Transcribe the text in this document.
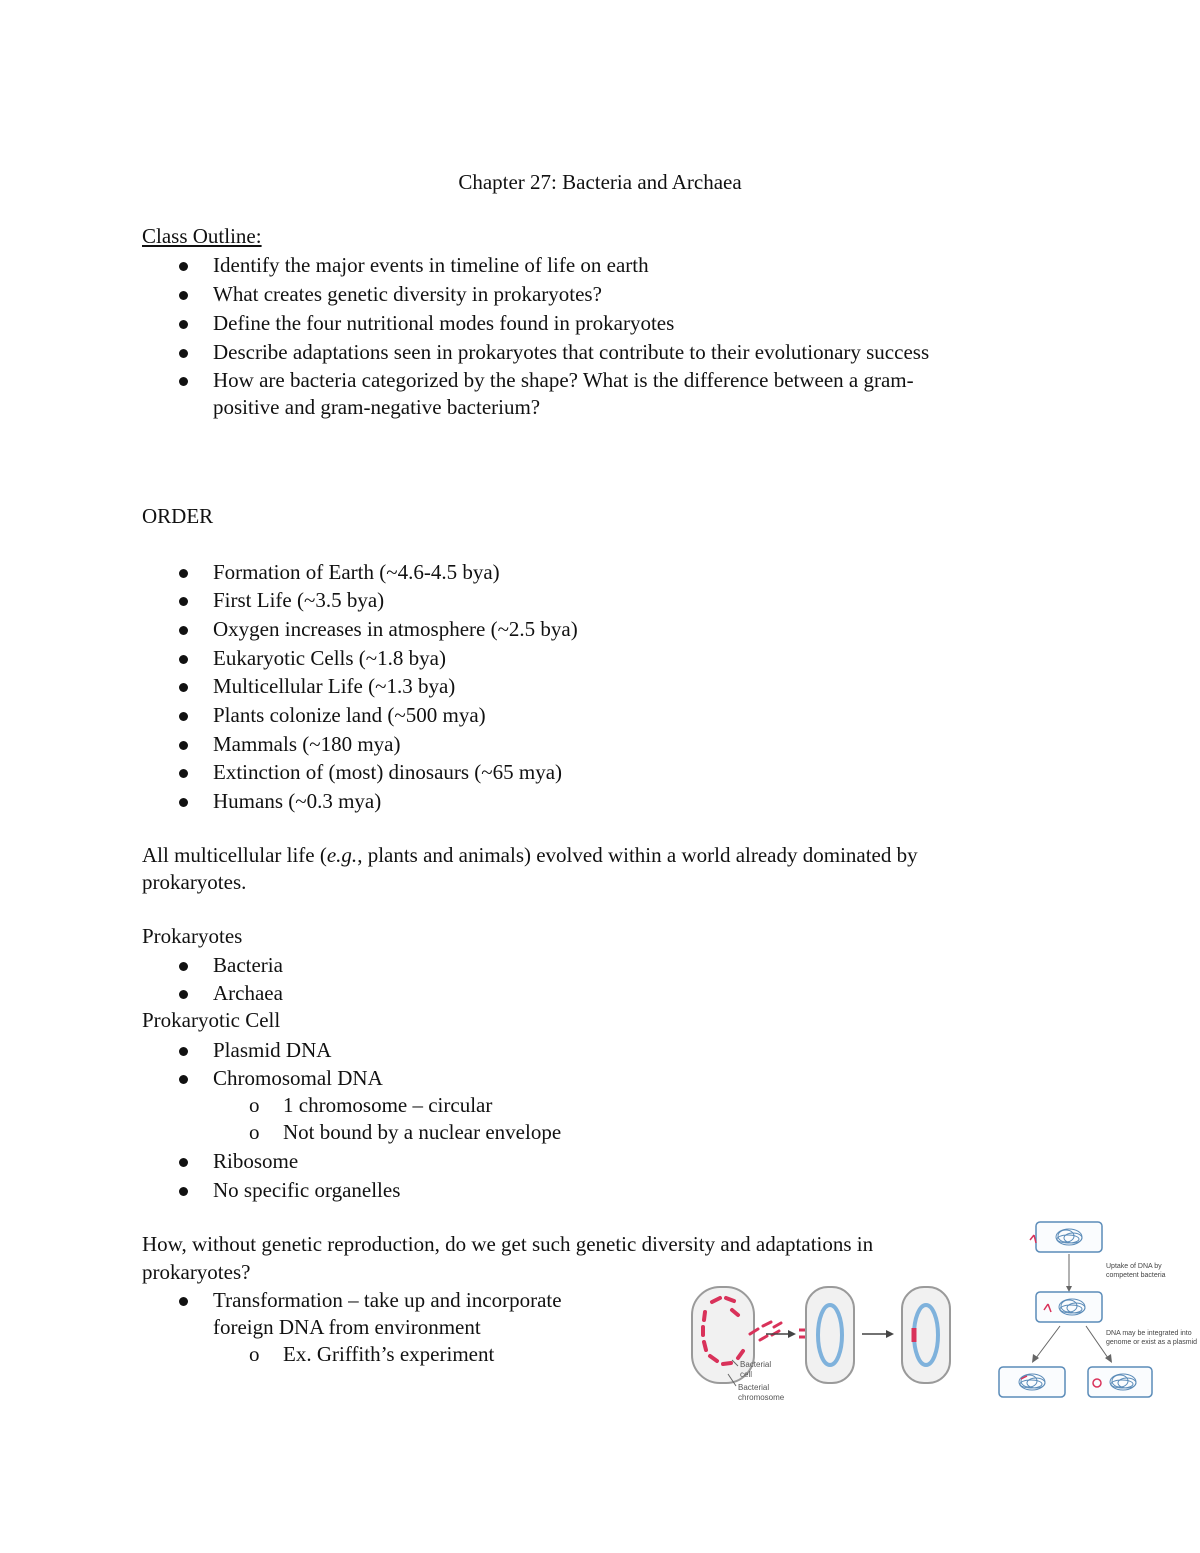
Chapter 27: Bacteria and Archaea
Class Outline:
Identify the major events in timeline of life on earth
What creates genetic diversity in prokaryotes?
Define the four nutritional modes found in prokaryotes
Describe adaptations seen in prokaryotes that contribute to their evolutionary success
How are bacteria categorized by the shape? What is the difference between a gram-
positive and gram-negative bacterium?
ORDER
Formation of Earth (~4.6-4.5 bya)
First Life (~3.5 bya)
Oxygen increases in atmosphere (~2.5 bya)
Eukaryotic Cells (~1.8 bya)
Multicellular Life (~1.3 bya)
Plants colonize land (~500 mya)
Mammals (~180 mya)
Extinction of (most) dinosaurs (~65 mya)
Humans (~0.3 mya)
All multicellular life (e.g., plants and animals) evolved within a world already dominated by
prokaryotes.
Prokaryotes
Bacteria
Archaea
Prokaryotic Cell
Plasmid DNA
Chromosomal DNA
o 1 chromosome – circular
o Not bound by a nuclear envelope
Ribosome
No specific organelles
How, without genetic reproduction, do we get such genetic diversity and adaptations in
prokaryotes?
Transformation – take up and incorporate
foreign DNA from environment
o Ex. Griffith’s experiment	Bacterial
cell
Bacterial
chromosome
Uptake of DNA by
competent bacteria
DNA may be integrated into
genome or exist as a plasmid
